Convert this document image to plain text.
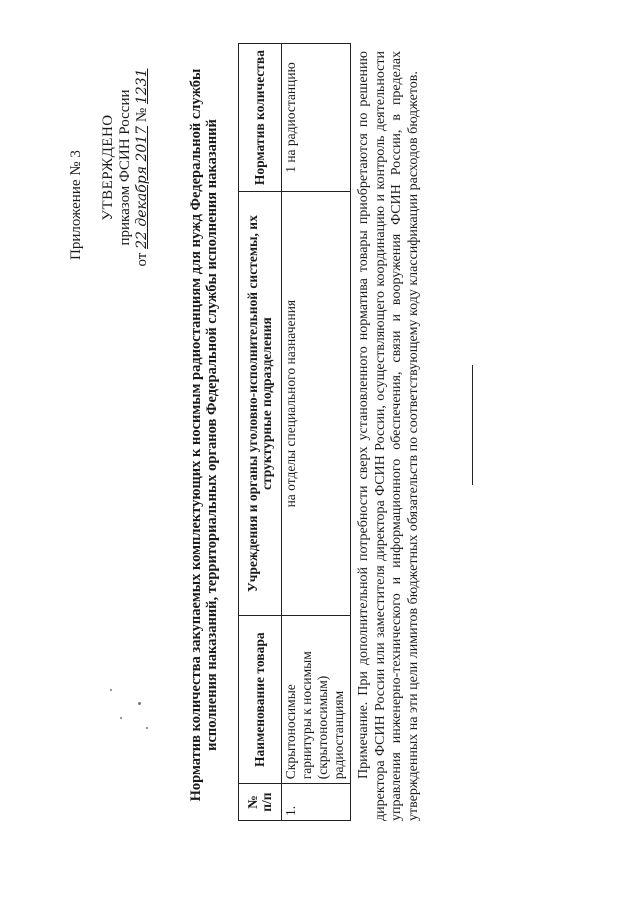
Приложение № 3 УТВЕРЖДЕНО приказом ФСИН России
от 22 декабря 2017 № 1231	Норматив количества закупаемых комплектующих к носимым радиостанциям для нужд Федеральной службы исполнения наказаний, территориальных органов Федеральной службы исполнения наказаний
№ п/п	Наименование товара	Учреждения и органы уголовно-исполнительной системы, их структурные подразделения	Норматив количества
1.	Скрытоносимые гарнитуры к носимым (скрытоносимым) радиостанциям	на отделы специального назначения	1 на радиостанцию	Примечание. При дополнительной потребности сверх установленного норматива товары приобретаются по решению директора ФСИН России или заместителя директора ФСИН России, осуществляющего координацию и контроль деятельности управления инженерно-технического и информационного обеспечения, связи и вооружения ФСИН России, в пределах утвержденных на эти цели лимитов бюджетных обязательств по соответствующему коду классификации расходов бюджетов.
